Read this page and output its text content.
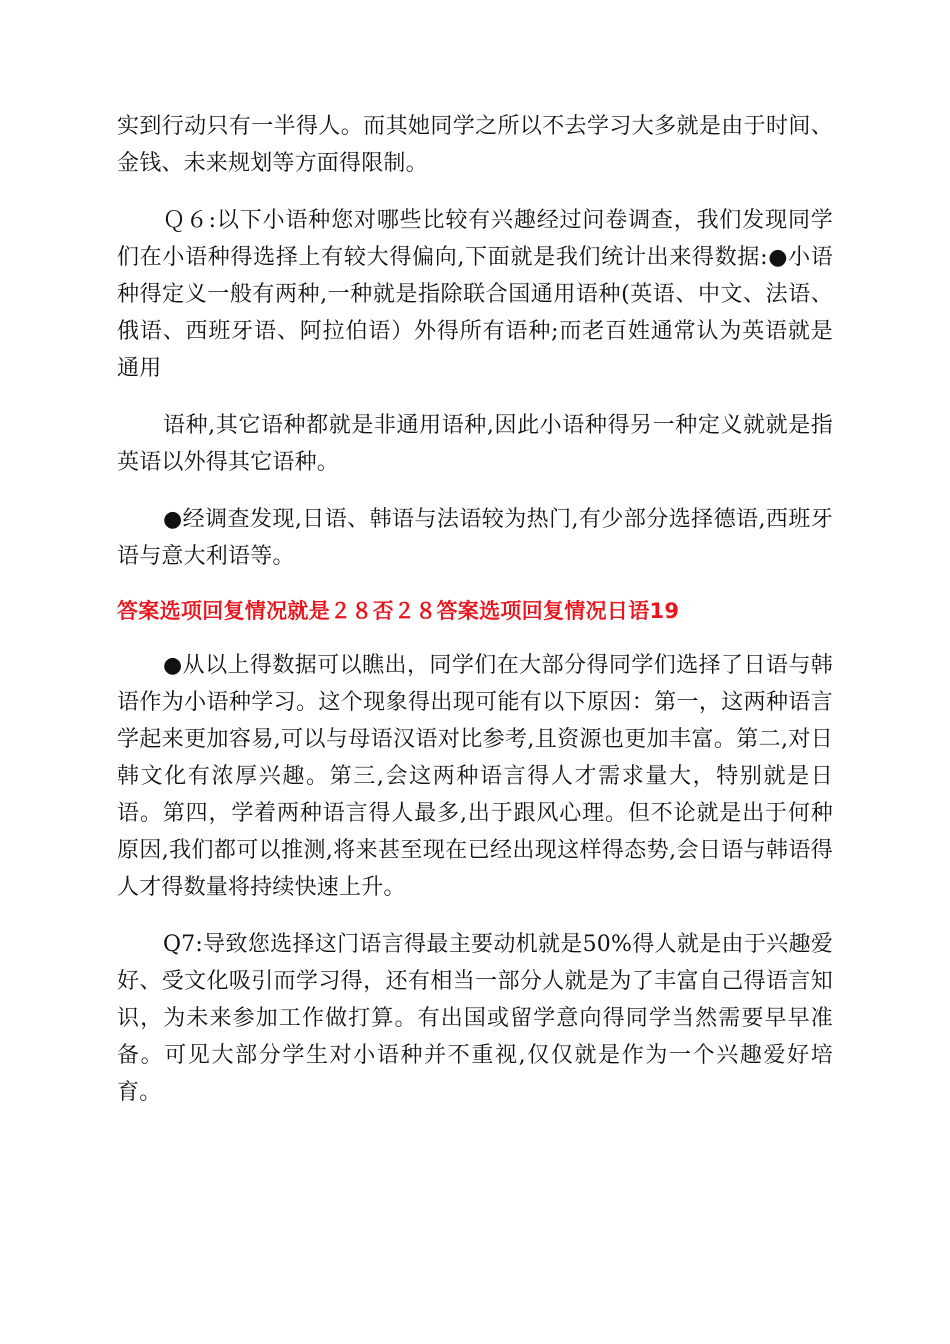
实到行动只有一半得人。而其她同学之所以不去学习大多就是由于时间、金钱、未来规划等方面得限制。

Ｑ６:以下小语种您对哪些比较有兴趣经过问卷调查，我们发现同学们在小语种得选择上有较大得偏向,下面就是我们统计出来得数据:●小语种得定义一般有两种,一种就是指除联合国通用语种(英语、中文、法语、俄语、西班牙语、阿拉伯语）外得所有语种;而老百姓通常认为英语就是通用

语种,其它语种都就是非通用语种,因此小语种得另一种定义就就是指英语以外得其它语种。

●经调查发现,日语、韩语与法语较为热门,有少部分选择德语,西班牙语与意大利语等。

答案选项回复情况就是２８否２８答案选项回复情况日语19

●从以上得数据可以瞧出，同学们在大部分得同学们选择了日语与韩语作为小语种学习。这个现象得出现可能有以下原因：第一，这两种语言学起来更加容易,可以与母语汉语对比参考,且资源也更加丰富。第二,对日韩文化有浓厚兴趣。第三,会这两种语言得人才需求量大，特别就是日语。第四，学着两种语言得人最多,出于跟风心理。但不论就是出于何种原因,我们都可以推测,将来甚至现在已经出现这样得态势,会日语与韩语得人才得数量将持续快速上升。

Q7:导致您选择这门语言得最主要动机就是50%得人就是由于兴趣爱好、受文化吸引而学习得，还有相当一部分人就是为了丰富自己得语言知识，为未来参加工作做打算。有出国或留学意向得同学当然需要早早准备。可见大部分学生对小语种并不重视,仅仅就是作为一个兴趣爱好培育。
